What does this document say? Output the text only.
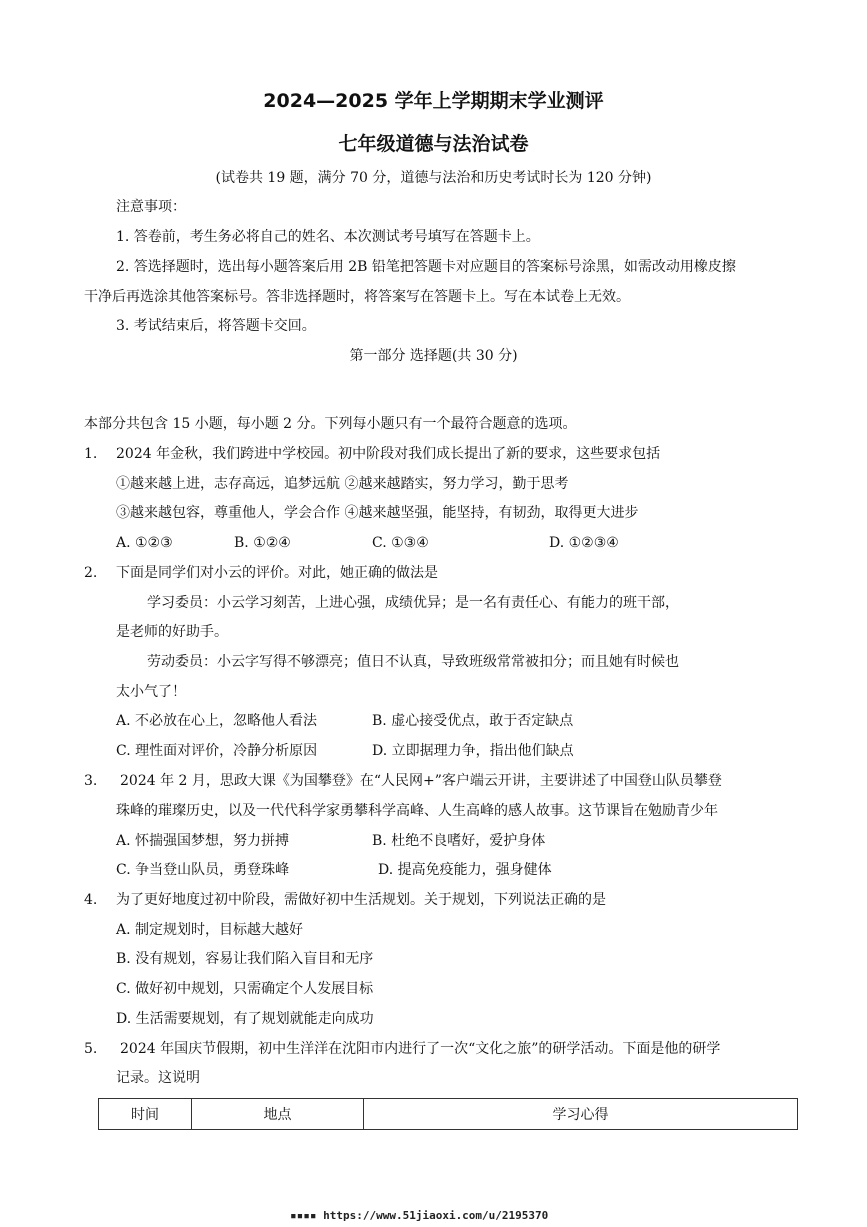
2024—2025 学年上学期期末学业测评
七年级道德与法治试卷
(试卷共 19 题，满分 70 分，道德与法治和历史考试时长为 120 分钟)
注意事项：
1. 答卷前，考生务必将自己的姓名、本次测试考号填写在答题卡上。
2. 答选择题时，选出每小题答案后用 2B 铅笔把答题卡对应题目的答案标号涂黑，如需改动用橡皮擦
干净后再选涂其他答案标号。答非选择题时，将答案写在答题卡上。写在本试卷上无效。
3. 考试结束后，将答题卡交回。
第一部分 选择题(共 30 分)
本部分共包含 15 小题，每小题 2 分。下列每小题只有一个最符合题意的选项。
1. 2024 年金秋，我们跨进中学校园。初中阶段对我们成长提出了新的要求，这些要求包括
①越来越上进，志存高远，追梦远航 ②越来越踏实，努力学习，勤于思考
③越来越包容，尊重他人，学会合作 ④越来越坚强，能坚持，有韧劲，取得更大进步
A. ①②③	B. ①②④	C. ①③④	D. ①②③④
2. 下面是同学们对小云的评价。对此，她正确的做法是
学习委员：小云学习刻苦，上进心强，成绩优异；是一名有责任心、有能力的班干部，
是老师的好助手。
劳动委员：小云字写得不够漂亮；值日不认真，导致班级常常被扣分；而且她有时候也
太小气了！
A. 不必放在心上，忽略他人看法	B. 虚心接受优点，敢于否定缺点
C. 理性面对评价，冷静分析原因	D. 立即据理力争，指出他们缺点
3. 2024 年 2 月，思政大课《为国攀登》在“人民网+”客户端云开讲，主要讲述了中国登山队员攀登
珠峰的璀璨历史，以及一代代科学家勇攀科学高峰、人生高峰的感人故事。这节课旨在勉励青少年
A. 怀揣强国梦想，努力拼搏	B. 杜绝不良嗜好，爱护身体
C. 争当登山队员，勇登珠峰	D. 提高免疫能力，强身健体
4. 为了更好地度过初中阶段，需做好初中生活规划。关于规划，下列说法正确的是
A. 制定规划时，目标越大越好
B. 没有规划，容易让我们陷入盲目和无序
C. 做好初中规划，只需确定个人发展目标
D. 生活需要规划，有了规划就能走向成功
5. 2024 年国庆节假期，初中生洋洋在沈阳市内进行了一次“文化之旅”的研学活动。下面是他的研学
记录。这说明
时间	地点	学习心得
▪▪▪▪ https://www.51jiaoxi.com/u/2195370
